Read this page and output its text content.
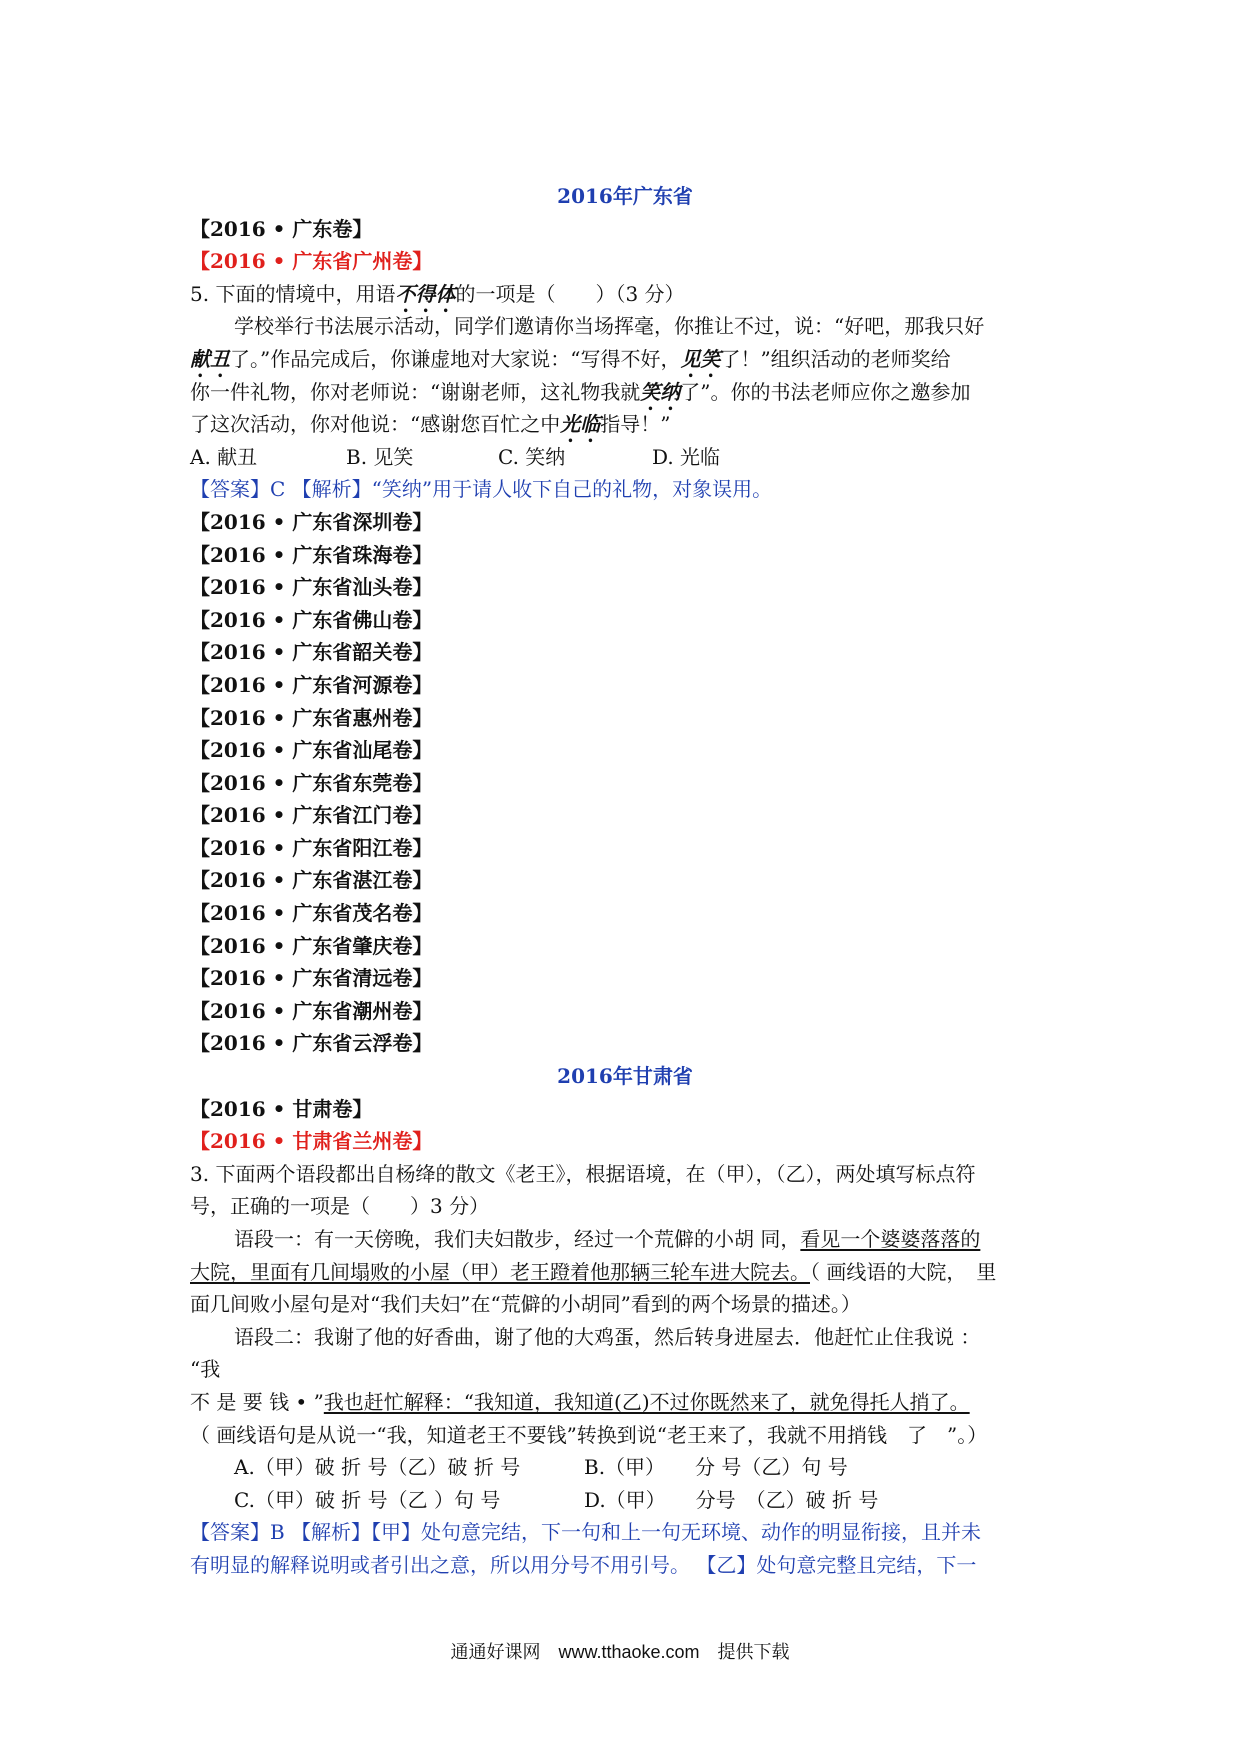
2016年广东省
【2016 • 广东卷】
【2016 • 广东省广州卷】
5. 下面的情境中，用语不得体的一项是（　　）（3 分）
学校举行书法展示活动，同学们邀请你当场挥毫，你推让不过，说：“好吧，那我只好
献丑了。”作品完成后，你谦虚地对大家说：“写得不好，见笑了！”组织活动的老师奖给
你一件礼物，你对老师说：“谢谢老师，这礼物我就笑纳了”。你的书法老师应你之邀参加
了这次活动，你对他说：“感谢您百忙之中光临指导！”
A. 献丑	B. 见笑	C. 笑纳	D. 光临
【答案】C 【解析】“笑纳”用于请人收下自己的礼物，对象误用。
【2016 • 广东省深圳卷】
【2016 • 广东省珠海卷】
【2016 • 广东省汕头卷】
【2016 • 广东省佛山卷】
【2016 • 广东省韶关卷】
【2016 • 广东省河源卷】
【2016 • 广东省惠州卷】
【2016 • 广东省汕尾卷】
【2016 • 广东省东莞卷】
【2016 • 广东省江门卷】
【2016 • 广东省阳江卷】
【2016 • 广东省湛江卷】
【2016 • 广东省茂名卷】
【2016 • 广东省肇庆卷】
【2016 • 广东省清远卷】
【2016 • 广东省潮州卷】
【2016 • 广东省云浮卷】
2016年甘肃省
【2016 • 甘肃卷】
【2016 • 甘肃省兰州卷】
3. 下面两个语段都出自杨绛的散文《老王》，根据语境，在（甲），（乙），两处填写标点符
号，正确的一项是（　　）3 分）
语段一：有一天傍晚，我们夫妇散步，经过一个荒僻的小胡 同，看见一个婆婆落落的
大院，里面有几间塌败的小屋（甲）老王蹬着他那辆三轮车进大院去。（ 画线语的大院，　里
面几间败小屋句是对“我们夫妇”在“荒僻的小胡同”看到的两个场景的描述。）
语段二：我谢了他的好香曲，谢了他的大鸡蛋，然后转身进屋去．他赶忙止住我说 ：
“我
不 是 要 钱 • ”我也赶忙解释：“我知道，我知道(乙)不过你既然来了，就免得托人捎了。
（ 画线语句是从说一“我，知道老王不要钱”转换到说“老王来了，我就不用捎钱　了　”。）
A.（甲）破 折 号（乙）破 折 号	B.（甲）　　分 号（乙）句 号
C.（甲）破 折 号（乙 ）句 号	D.（甲）　　分号　（乙）破 折 号
【答案】B 【解析】【甲】处句意完结，下一句和上一句无环境、动作的明显衔接，且并未
有明显的解释说明或者引出之意，所以用分号不用引号。 【乙】处句意完整且完结，下一
通通好课网　www.tthaoke.com　提供下载
